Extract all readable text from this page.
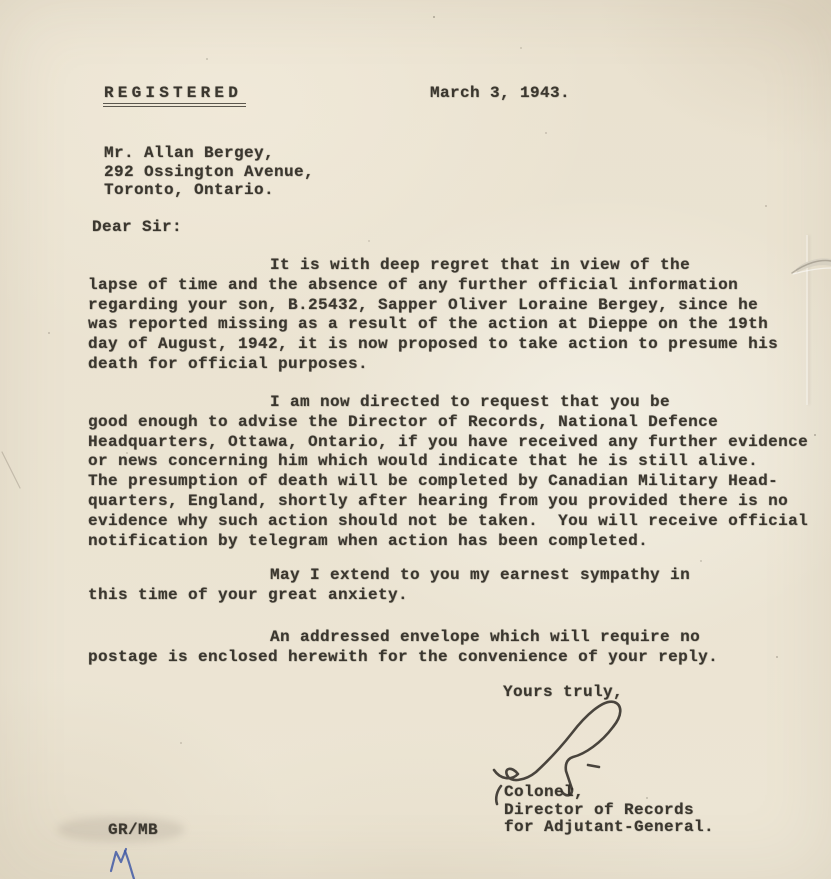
REGISTERED	March 3, 1943.
Mr. Allan Bergey,
292 Ossington Avenue,
Toronto, Ontario.
Dear Sir:
It is with deep regret that in view of the
lapse of time and the absence of any further official information
regarding your son, B.25432, Sapper Oliver Loraine Bergey, since he
was reported missing as a result of the action at Dieppe on the 19th
day of August, 1942, it is now proposed to take action to presume his
death for official purposes.
I am now directed to request that you be
good enough to advise the Director of Records, National Defence
Headquarters, Ottawa, Ontario, if you have received any further evidence
or news concerning him which would indicate that he is still alive.
The presumption of death will be completed by Canadian Military Head-
quarters, England, shortly after hearing from you provided there is no
evidence why such action should not be taken.  You will receive official
notification by telegram when action has been completed.
May I extend to you my earnest sympathy in
this time of your great anxiety.
An addressed envelope which will require no
postage is enclosed herewith for the convenience of your reply.
Yours truly,
Colonel,
Director of Records
for Adjutant-General.
GR/MB
